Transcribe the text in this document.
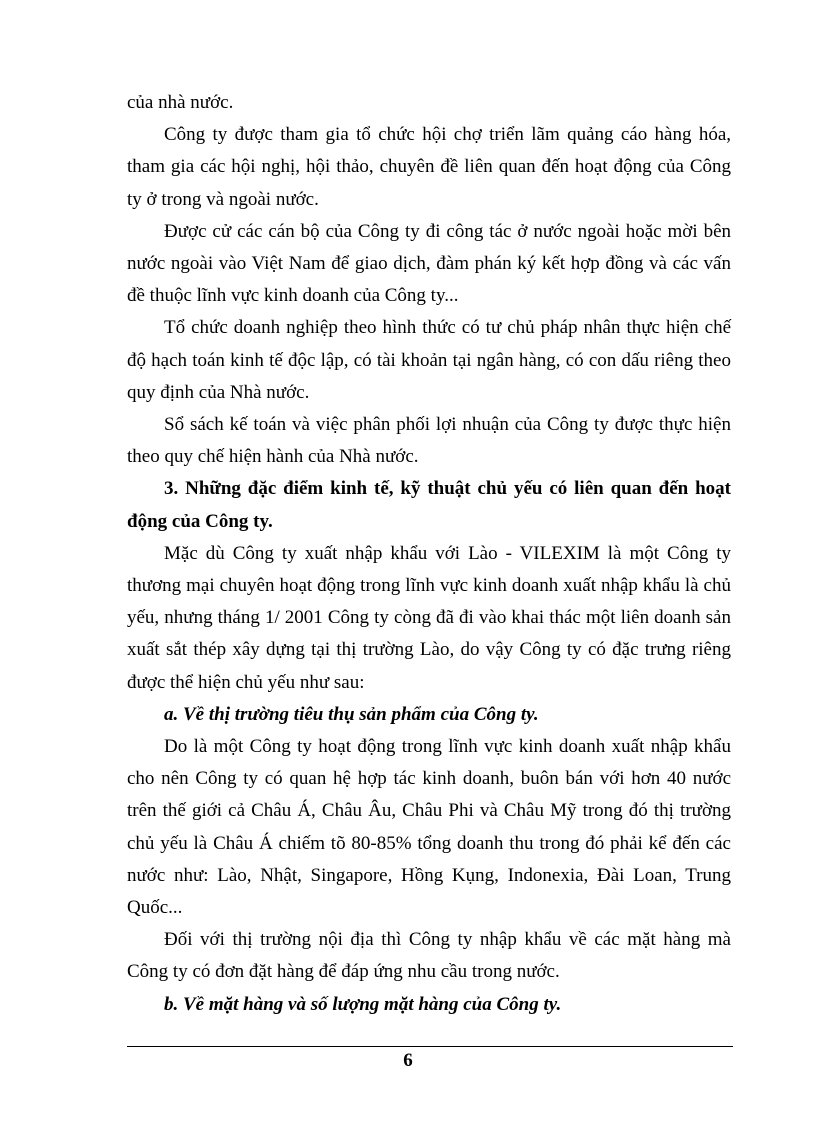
của nhà nước.

Công ty được tham gia tổ chức hội chợ triển lãm quảng cáo hàng hóa, tham gia các hội nghị, hội thảo, chuyên đề liên quan đến hoạt động của Công ty ở trong và ngoài nước.

Được cử các cán bộ của Công ty đi công tác ở nước ngoài hoặc mời bên nước ngoài vào Việt Nam để giao dịch, đàm phán ký kết hợp đồng và các vấn đề thuộc lĩnh vực kinh doanh của Công ty...

Tổ chức doanh nghiệp theo hình thức có tư chủ pháp nhân thực hiện chế độ hạch toán kinh tế độc lập, có tài khoản tại ngân hàng, có con dấu riêng theo quy định của Nhà nước.

Sổ sách kế toán và việc phân phối lợi nhuận của Công ty được thực hiện theo quy chế hiện hành của Nhà nước.

3. Những đặc điểm kinh tế, kỹ thuật chủ yếu có liên quan đến hoạt động của Công ty.

Mặc dù Công ty xuất nhập khẩu với Lào - VILEXIM là một Công ty thương mại chuyên hoạt động trong lĩnh vực kinh doanh xuất nhập khẩu là chủ yếu, nhưng tháng 1/ 2001 Công ty còng đã đi vào khai thác một liên doanh sản xuất sắt thép xây dựng tại thị trường Lào, do vậy Công ty có đặc trưng riêng được thể hiện chủ yếu như sau:

a. Về thị trường tiêu thụ sản phẩm của Công ty.

Do là một Công ty hoạt động trong lĩnh vực kinh doanh xuất nhập khẩu cho nên Công ty có quan hệ hợp tác kinh doanh, buôn bán với hơn 40 nước trên thế giới cả Châu Á, Châu Âu, Châu Phi và Châu Mỹ trong đó thị trường chủ yếu là Châu Á chiếm tõ 80-85% tổng doanh thu trong đó phải kể đến các nước như: Lào, Nhật, Singapore, Hồng Kụng, Indonexia, Đài Loan, Trung Quốc...

Đối với thị trường nội địa thì Công ty nhập khẩu về các mặt hàng mà Công ty có đơn đặt hàng để đáp ứng nhu cầu trong nước.

b. Về mặt hàng và số lượng mặt hàng của Công ty.

6
